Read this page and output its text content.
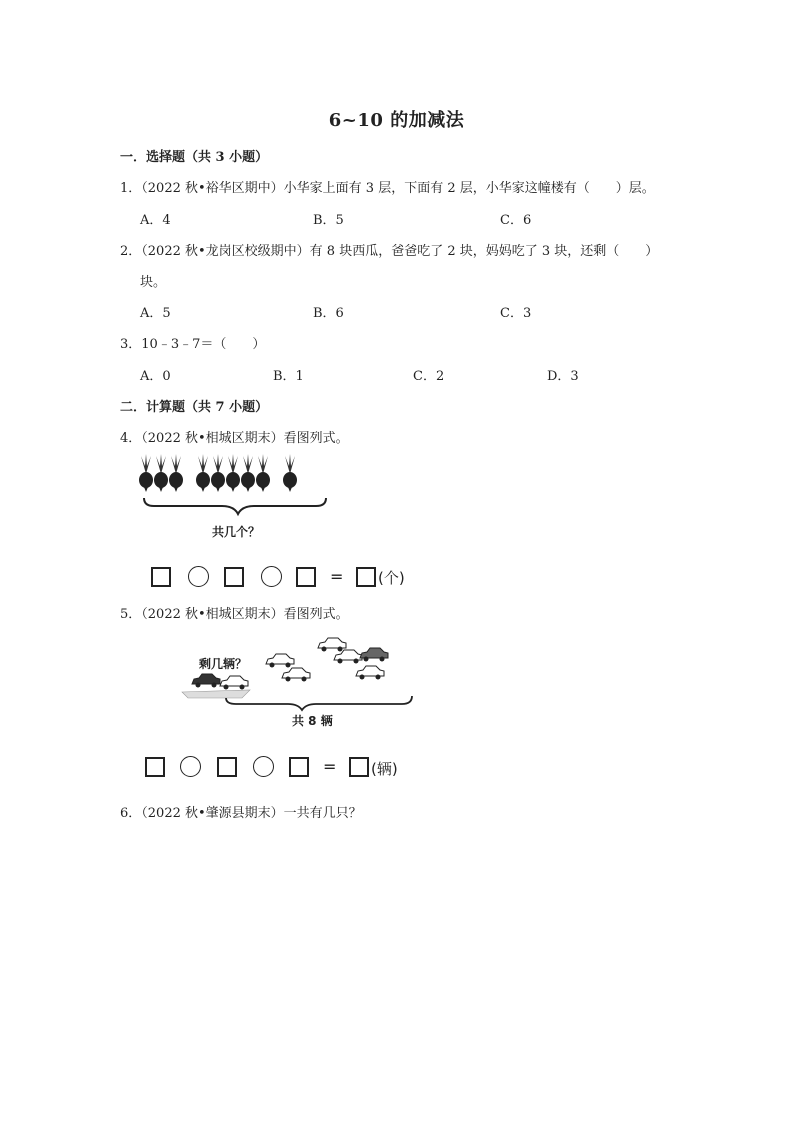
6~10 的加减法
一．选择题（共 3 小题）
1．（2022 秋•裕华区期中）小华家上面有 3 层，下面有 2 层，小华家这幢楼有（　　）层。
A．4	B．5	C．6
2．（2022 秋•龙岗区校级期中）有 8 块西瓜，爸爸吃了 2 块，妈妈吃了 3 块，还剩（　　）
块。
A．5	B．6	C．3
3．10﹣3﹣7＝（　　）
A．0	B．1	C．2	D．3
二．计算题（共 7 小题）
4．（2022 秋•相城区期末）看图列式。
共几个？
= (个)
5．（2022 秋•相城区期末）看图列式。
剩几辆？
共 8 辆
= (辆)
6．（2022 秋•肇源县期末）一共有几只？
